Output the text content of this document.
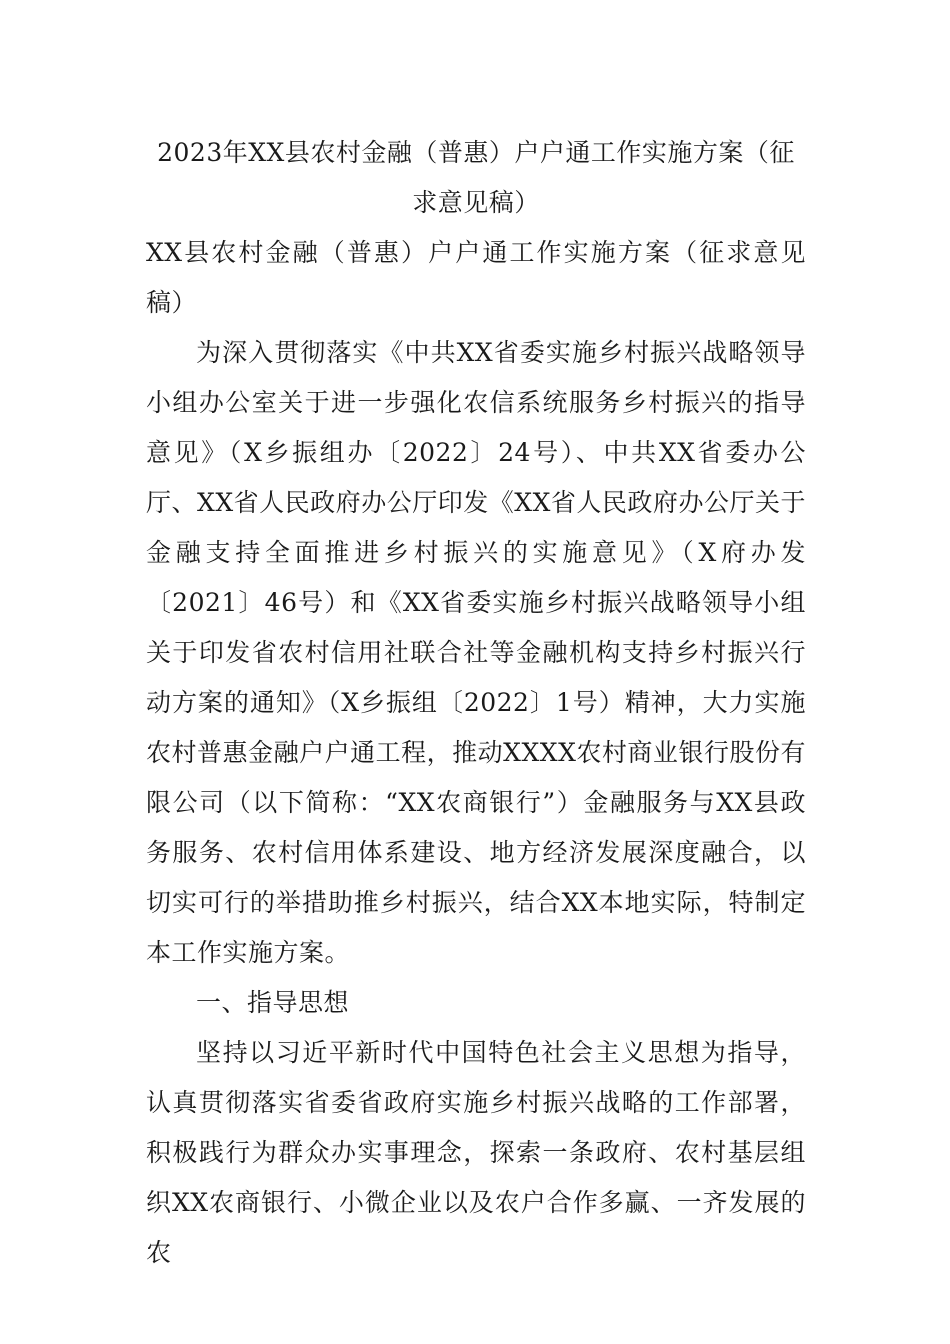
2023年XX县农村金融（普惠）户户通工作实施方案（征求意见稿）

XX县农村金融（普惠）户户通工作实施方案（征求意见稿）

为深入贯彻落实《中共XX省委实施乡村振兴战略领导小组办公室关于进一步强化农信系统服务乡村振兴的指导意见》（X乡振组办〔2022〕24号）、中共XX省委办公厅、XX省人民政府办公厅印发《XX省人民政府办公厅关于金融支持全面推进乡村振兴的实施意见》（X府办发〔2021〕46号）和《XX省委实施乡村振兴战略领导小组关于印发省农村信用社联合社等金融机构支持乡村振兴行动方案的通知》（X乡振组〔2022〕1号）精神，大力实施农村普惠金融户户通工程，推动XXXX农村商业银行股份有限公司（以下简称：“XX农商银行”）金融服务与XX县政务服务、农村信用体系建设、地方经济发展深度融合，以切实可行的举措助推乡村振兴，结合XX本地实际，特制定本工作实施方案。

一、指导思想

坚持以习近平新时代中国特色社会主义思想为指导，认真贯彻落实省委省政府实施乡村振兴战略的工作部署，积极践行为群众办实事理念，探索一条政府、农村基层组织XX农商银行、小微企业以及农户合作多赢、一齐发展的农
